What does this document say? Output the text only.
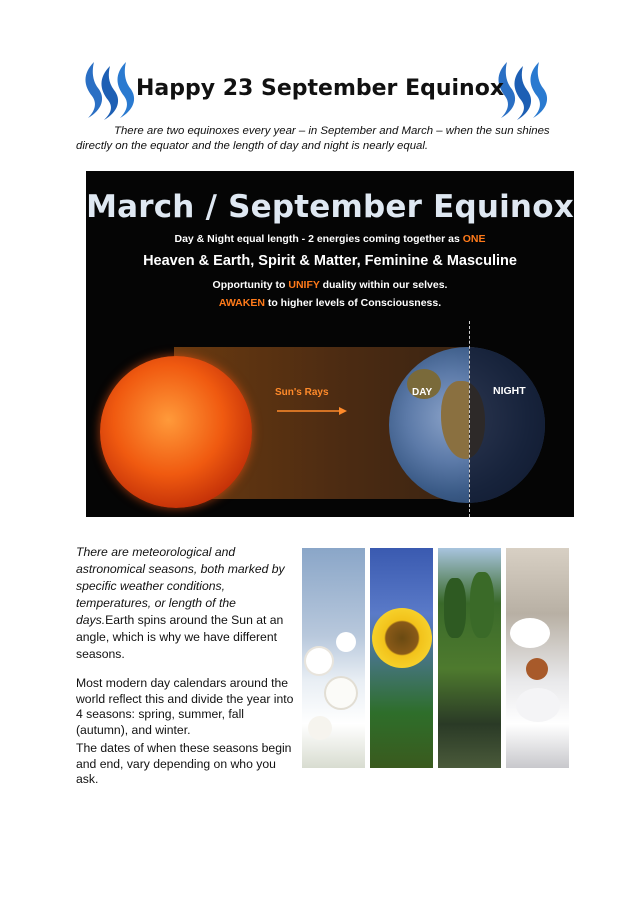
Happy 23 September Equinox
There are two equinoxes every year – in September and March – when the sun shines directly on the equator and the length of day and night is nearly equal.
March / September Equinox
Day & Night equal length - 2 energies coming together as ONE
Heaven & Earth, Spirit & Matter, Feminine & Masculine
Opportunity to UNIFY duality within our selves.
AWAKEN to higher levels of Consciousness.
Sun's Rays	DAY	NIGHT
There are meteorological and astronomical seasons, both marked by specific weather conditions, temperatures, or length of the days.Earth spins around the Sun at an angle, which is why we have different seasons.
Most modern day calendars around the world reflect this and divide the year into 4 seasons: spring, summer, fall (autumn), and winter.
The dates of when these seasons begin and end, vary depending on who you ask.
